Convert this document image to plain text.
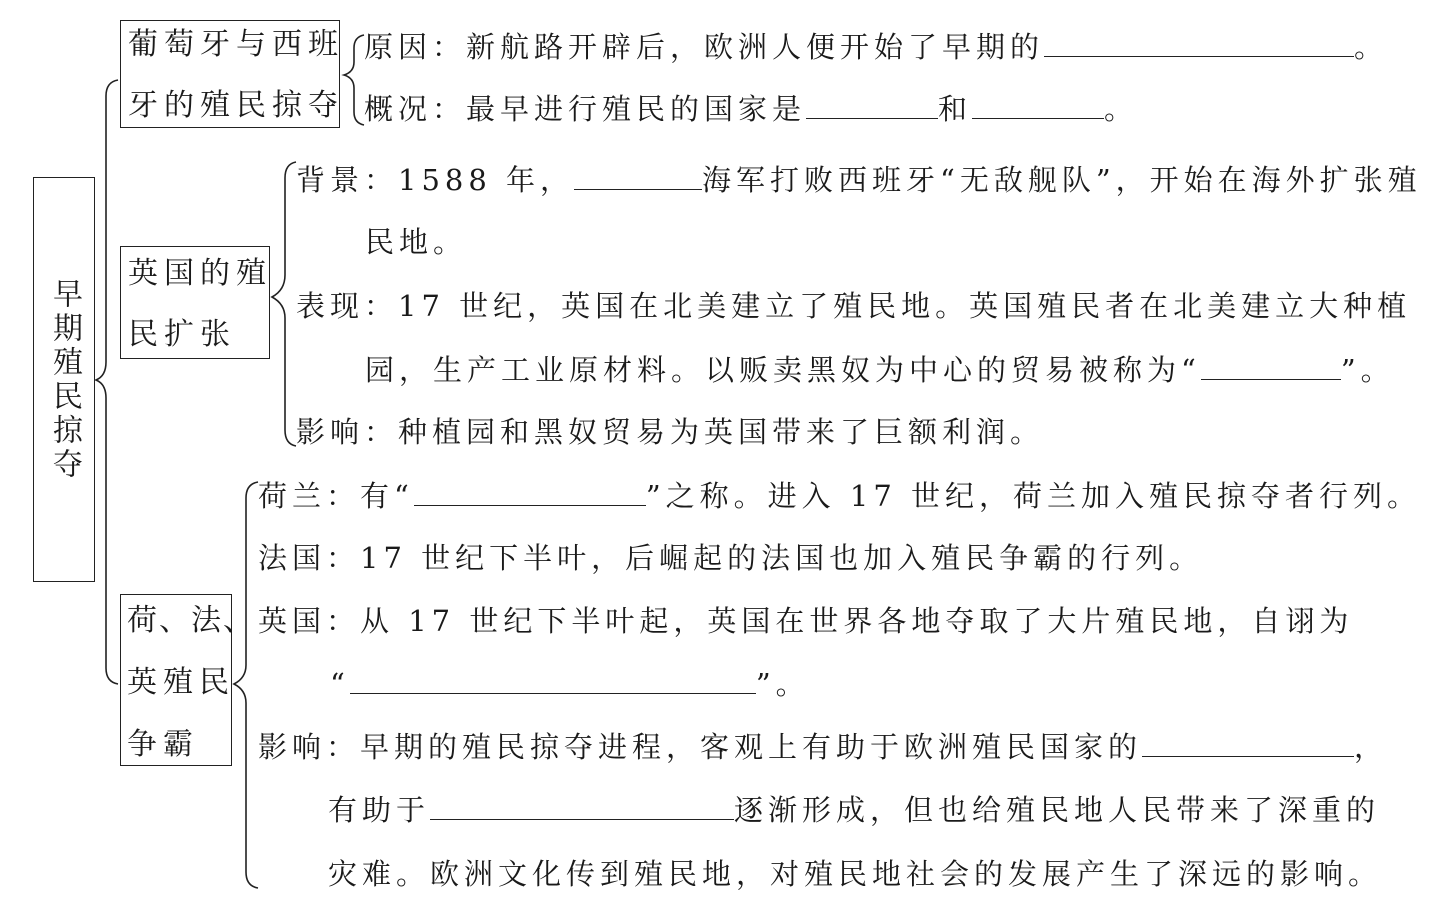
早期殖民掠夺
葡萄牙与西班
牙的殖民掠夺
原因：新航路开辟后，欧洲人便开始了早期的	。
概况：最早进行殖民的国家是	和	。
英国的殖
民扩张
背景：1588 年，	海军打败西班牙“无敌舰队”，开始在海外扩张殖
民地。
表现：17 世纪，英国在北美建立了殖民地。英国殖民者在北美建立大种植
园，生产工业原材料。以贩卖黑奴为中心的贸易被称为“	”。
影响：种植园和黑奴贸易为英国带来了巨额利润。
荷、法、
英殖民
争霸
荷兰：有“	”之称。进入 17 世纪，荷兰加入殖民掠夺者行列。
法国：17 世纪下半叶，后崛起的法国也加入殖民争霸的行列。
英国：从 17 世纪下半叶起，英国在世界各地夺取了大片殖民地，自诩为
“	”。
影响：早期的殖民掠夺进程，客观上有助于欧洲殖民国家的	，
有助于	逐渐形成，但也给殖民地人民带来了深重的
灾难。欧洲文化传到殖民地，对殖民地社会的发展产生了深远的影响。
